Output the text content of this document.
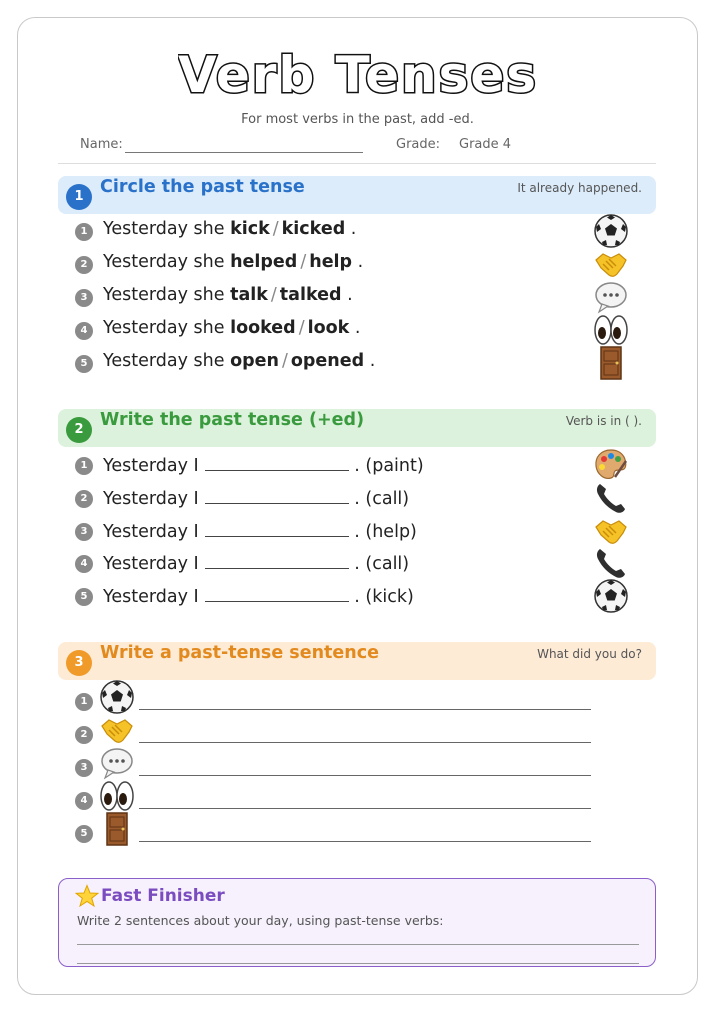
Verb Tenses
For most verbs in the past, add -ed.
Name:	Grade: Grade 4
1 Circle the past tense	It already happened.
1 Yesterday she kick / kicked .
2 Yesterday she helped / help .
3 Yesterday she talk / talked .
4 Yesterday she looked / look .
5 Yesterday she open / opened .
2 Write the past tense (+ed)	Verb is in ( ).
1 Yesterday I	. (paint)
2 Yesterday I	. (call)
3 Yesterday I	. (help)
4 Yesterday I	. (call)
5 Yesterday I	. (kick)
3 Write a past-tense sentence	What did you do?
1
2
3
4
5
Fast Finisher
Write 2 sentences about your day, using past-tense verbs:
